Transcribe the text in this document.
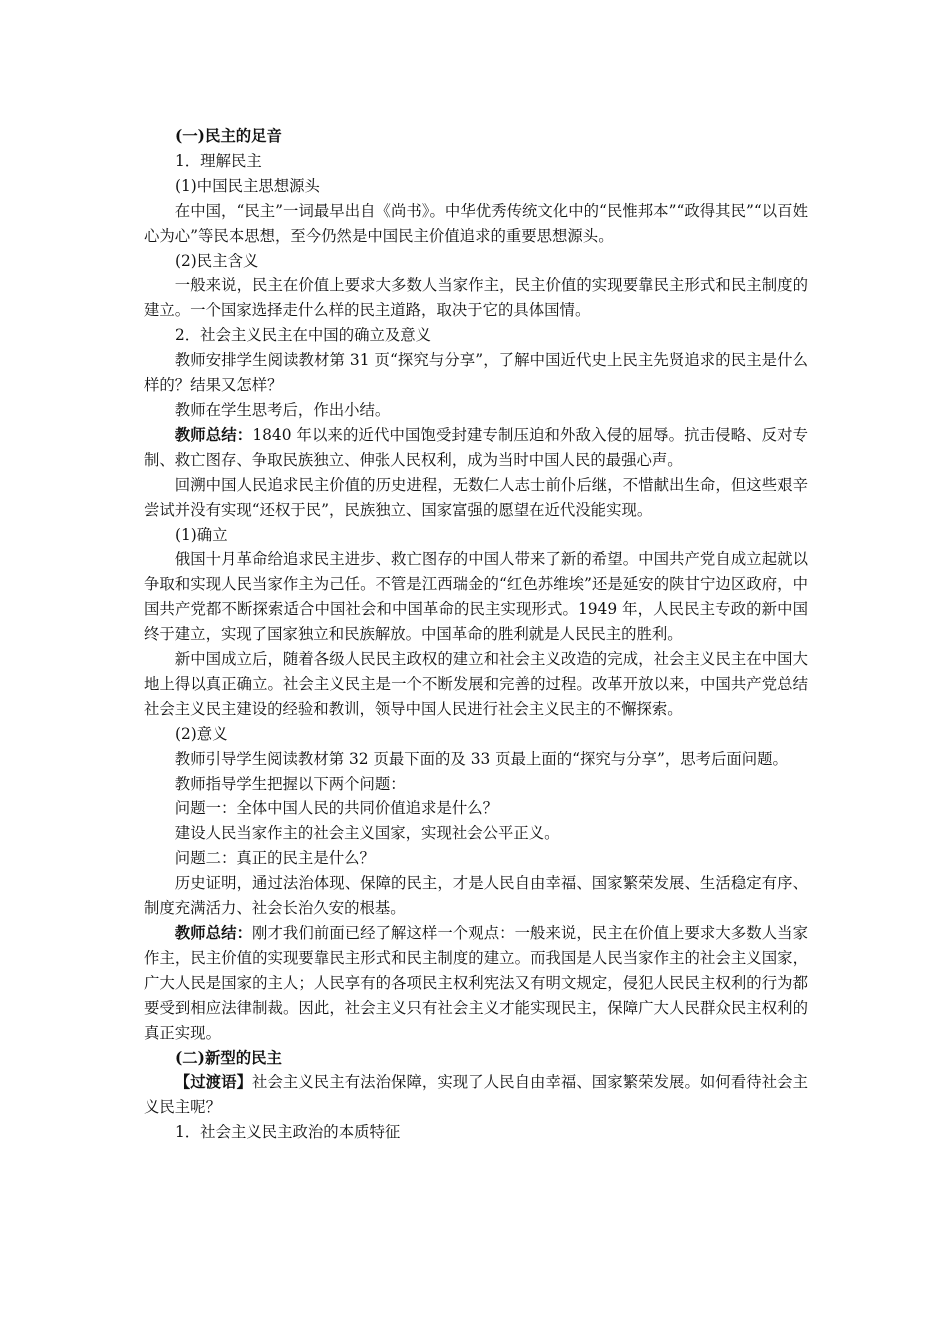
(一)民主的足音

1．理解民主

(1)中国民主思想源头

在中国，“民主”一词最早出自《尚书》。中华优秀传统文化中的“民惟邦本”“政得其民”“以百姓心为心”等民本思想，至今仍然是中国民主价值追求的重要思想源头。

(2)民主含义

一般来说，民主在价值上要求大多数人当家作主，民主价值的实现要靠民主形式和民主制度的建立。一个国家选择走什么样的民主道路，取决于它的具体国情。

2．社会主义民主在中国的确立及意义

教师安排学生阅读教材第 31 页“探究与分享”，了解中国近代史上民主先贤追求的民主是什么样的？结果又怎样？

教师在学生思考后，作出小结。

教师总结：1840 年以来的近代中国饱受封建专制压迫和外敌入侵的屈辱。抗击侵略、反对专制、救亡图存、争取民族独立、伸张人民权利，成为当时中国人民的最强心声。

回溯中国人民追求民主价值的历史进程，无数仁人志士前仆后继，不惜献出生命，但这些艰辛尝试并没有实现“还权于民”，民族独立、国家富强的愿望在近代没能实现。

(1)确立

俄国十月革命给追求民主进步、救亡图存的中国人带来了新的希望。中国共产党自成立起就以争取和实现人民当家作主为己任。不管是江西瑞金的“红色苏维埃”还是延安的陕甘宁边区政府，中国共产党都不断探索适合中国社会和中国革命的民主实现形式。1949 年，人民民主专政的新中国终于建立，实现了国家独立和民族解放。中国革命的胜利就是人民民主的胜利。

新中国成立后，随着各级人民民主政权的建立和社会主义改造的完成，社会主义民主在中国大地上得以真正确立。社会主义民主是一个不断发展和完善的过程。改革开放以来，中国共产党总结社会主义民主建设的经验和教训，领导中国人民进行社会主义民主的不懈探索。

(2)意义

教师引导学生阅读教材第 32 页最下面的及 33 页最上面的“探究与分享”，思考后面问题。

教师指导学生把握以下两个问题：

问题一：全体中国人民的共同价值追求是什么？

建设人民当家作主的社会主义国家，实现社会公平正义。

问题二：真正的民主是什么？

历史证明，通过法治体现、保障的民主，才是人民自由幸福、国家繁荣发展、生活稳定有序、制度充满活力、社会长治久安的根基。

教师总结：刚才我们前面已经了解这样一个观点：一般来说，民主在价值上要求大多数人当家作主，民主价值的实现要靠民主形式和民主制度的建立。而我国是人民当家作主的社会主义国家，广大人民是国家的主人；人民享有的各项民主权利宪法又有明文规定，侵犯人民民主权利的行为都要受到相应法律制裁。因此，社会主义只有社会主义才能实现民主，保障广大人民群众民主权利的真正实现。

(二)新型的民主

【过渡语】社会主义民主有法治保障，实现了人民自由幸福、国家繁荣发展。如何看待社会主义民主呢？

1．社会主义民主政治的本质特征
